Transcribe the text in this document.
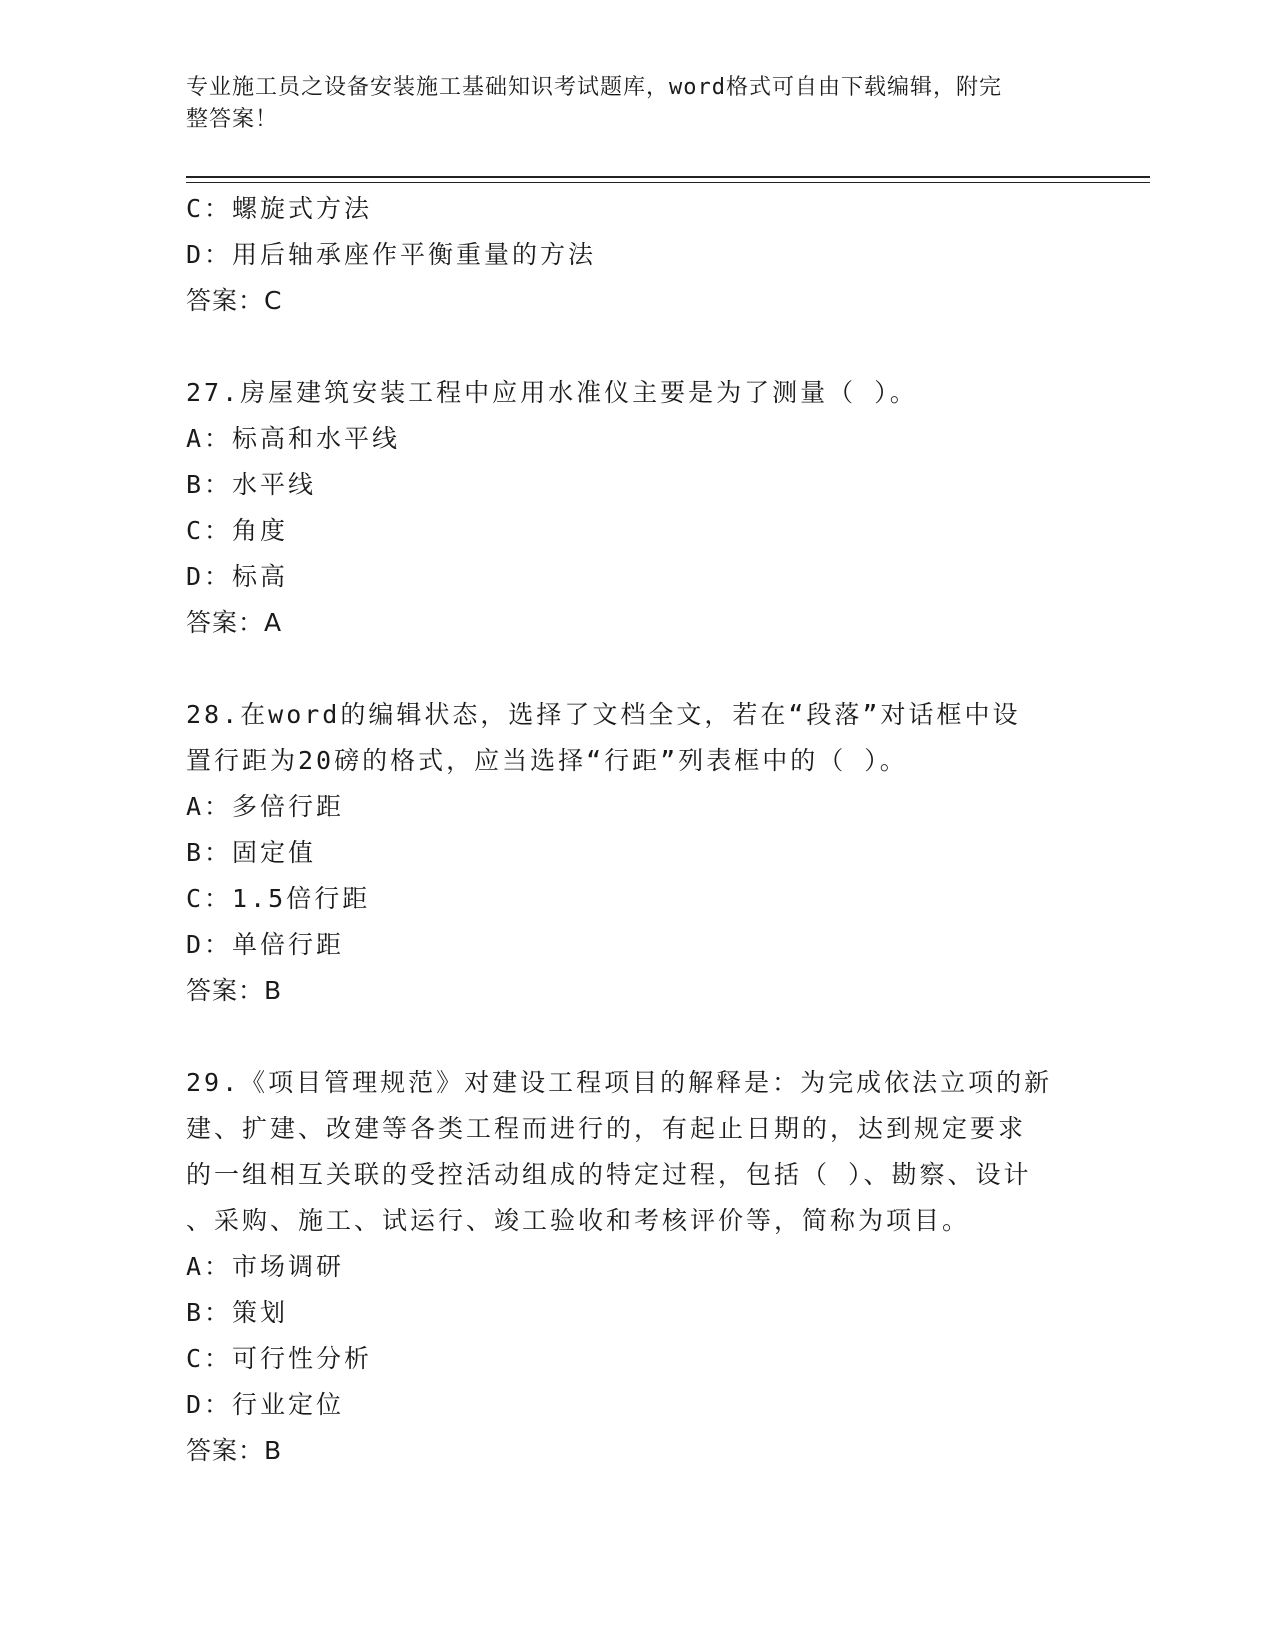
专业施工员之设备安装施工基础知识考试题库，word格式可自由下载编辑，附完
整答案！
C：螺旋式方法
D：用后轴承座作平衡重量的方法
答案：C
27.房屋建筑安装工程中应用水准仪主要是为了测量（ ）。
A：标高和水平线
B：水平线
C：角度
D：标高
答案：A
28.在word的编辑状态，选择了文档全文，若在“段落”对话框中设
置行距为20磅的格式，应当选择“行距”列表框中的（ ）。
A：多倍行距
B：固定值
C：1.5倍行距
D：单倍行距
答案：B
29.《项目管理规范》对建设工程项目的解释是：为完成依法立项的新
建、扩建、改建等各类工程而进行的，有起止日期的，达到规定要求
的一组相互关联的受控活动组成的特定过程，包括（ ）、勘察、设计
、采购、施工、试运行、竣工验收和考核评价等，简称为项目。
A：市场调研
B：策划
C：可行性分析
D：行业定位
答案：B
